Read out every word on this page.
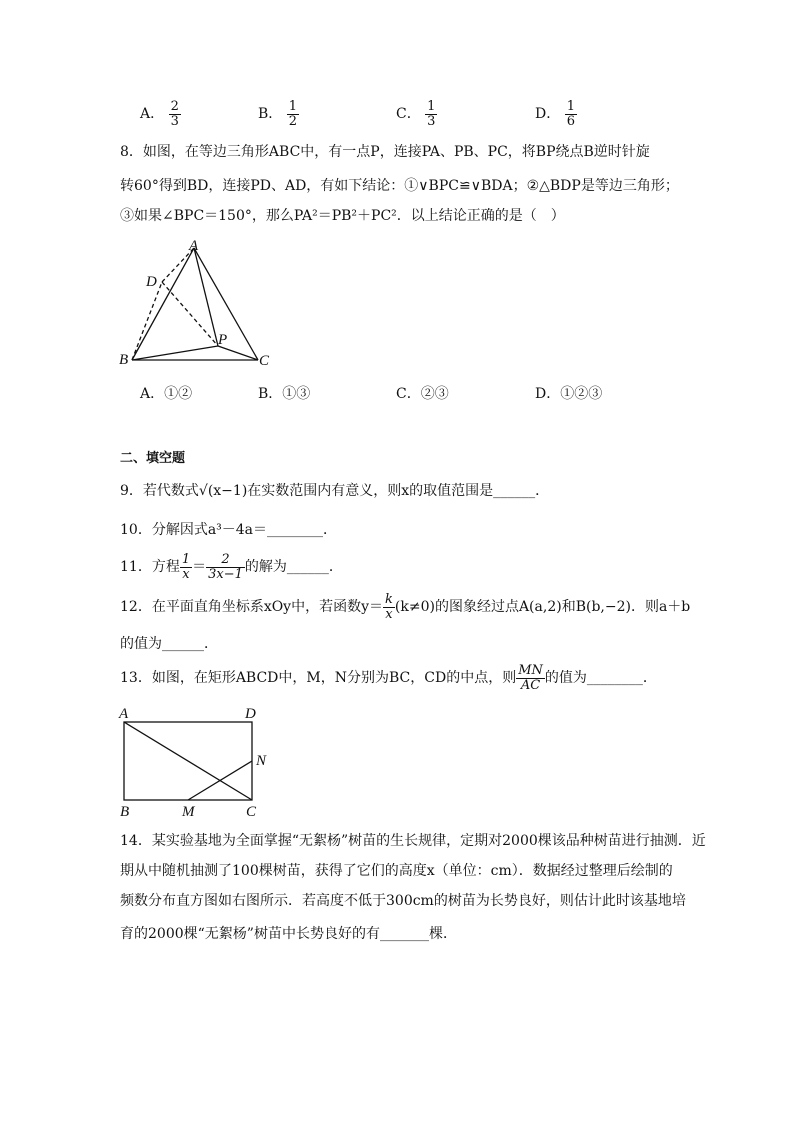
A． $\frac{2}{3}$	B． $\frac{1}{2}$	C． $\frac{1}{3}$	D． $\frac{1}{6}$
8．如图，在等边三角形ABC中，有一点P，连接PA、PB、PC，将BP绕点B逆时针旋
转60°得到BD，连接PD、AD，有如下结论：①∨BPC≌∨BDA；②△BDP是等边三角形；
③如果∠BPC＝150°，那么PA²＝PB²＋PC²．以上结论正确的是（　）
A
B	C
D
P
A．①②	B．①③	C．②③	D．①②③
二、填空题
9．若代数式√(x−1)在实数范围内有意义，则x的取值范围是______．
10．分解因式a³－4a＝________．
11．方程 $\frac{1}{x} = \frac{2}{3x-1}$ 的解为______．
12．在平面直角坐标系xOy中，若函数$y= \frac{k}{x} (k\ne 0)$的图象经过点A(a,2)和B(b,−2)．则a＋b
的值为______．
13．如图，在矩形ABCD中，M，N分别为BC，CD的中点，则 $\frac{MN}{AC}$ 的值为________．
A	D
B	C
M
N
14．某实验基地为全面掌握“无絮杨”树苗的生长规律，定期对2000棵该品种树苗进行抽测．近
期从中随机抽测了100棵树苗，获得了它们的高度x（单位：cm）．数据经过整理后绘制的
频数分布直方图如右图所示．若高度不低于300cm的树苗为长势良好，则估计此时该基地培
育的2000棵“无絮杨”树苗中长势良好的有_______棵．
